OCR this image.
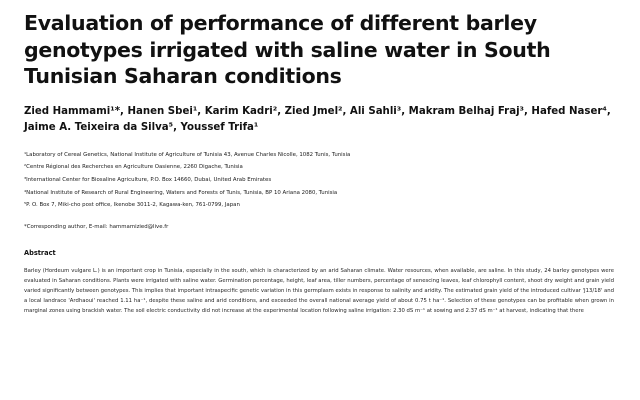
Evaluation of performance of different barley genotypes irrigated with saline water in South Tunisian Saharan conditions
Zied Hammami¹*, Hanen Sbei¹, Karim Kadri², Zied Jmel², Ali Sahli³, Makram Belhaj Fraj³, Hafed Naser⁴, Jaime A. Teixeira da Silva⁵, Youssef Trifa¹
¹Laboratory of Cereal Genetics, National Institute of Agriculture of Tunisia 43, Avenue Charles Nicolle, 1082 Tunis, Tunisia
²Centre Régional des Recherches en Agriculture Oasienne, 2260 Digache, Tunisia
³International Center for Biosaline Agriculture, P.O. Box 14660, Dubai, United Arab Emirates
⁴National Institute of Research of Rural Engineering, Waters and Forests of Tunis, Tunisia, BP 10 Ariana 2080, Tunisia
⁵P. O. Box 7, Miki-cho post office, Ikenobe 3011-2, Kagawa-ken, 761-0799, Japan
*Corresponding author, E-mail: hammamizied@live.fr
Abstract
Barley (Hordeum vulgare L.) is an important crop in Tunisia, especially in the south, which is characterized by an arid Saharan climate. Water resources, when available, are saline. In this study, 24 barley genotypes were evaluated in Saharan conditions. Plants were irrigated with saline water. Germination percentage, height, leaf area, tiller numbers, percentage of senescing leaves, leaf chlorophyll content, shoot dry weight and grain yield varied significantly between genotypes. This implies that important intraspecific genetic variation in this germplasm exists in response to salinity and aridity. The estimated grain yield of the introduced cultivar 'J13/18' and a local landrace 'Ardhaoui' reached 1.11 ha⁻¹, despite these saline and arid conditions, and exceeded the overall national average yield of about 0.75 t ha⁻¹. Selection of these genotypes can be profitable when grown in marginal zones using brackish water. The soil electric conductivity did not increase at the experimental location following saline irrigation: 2.30 dS m⁻¹ at sowing and 2.37 dS m⁻¹ at harvest, indicating that there
